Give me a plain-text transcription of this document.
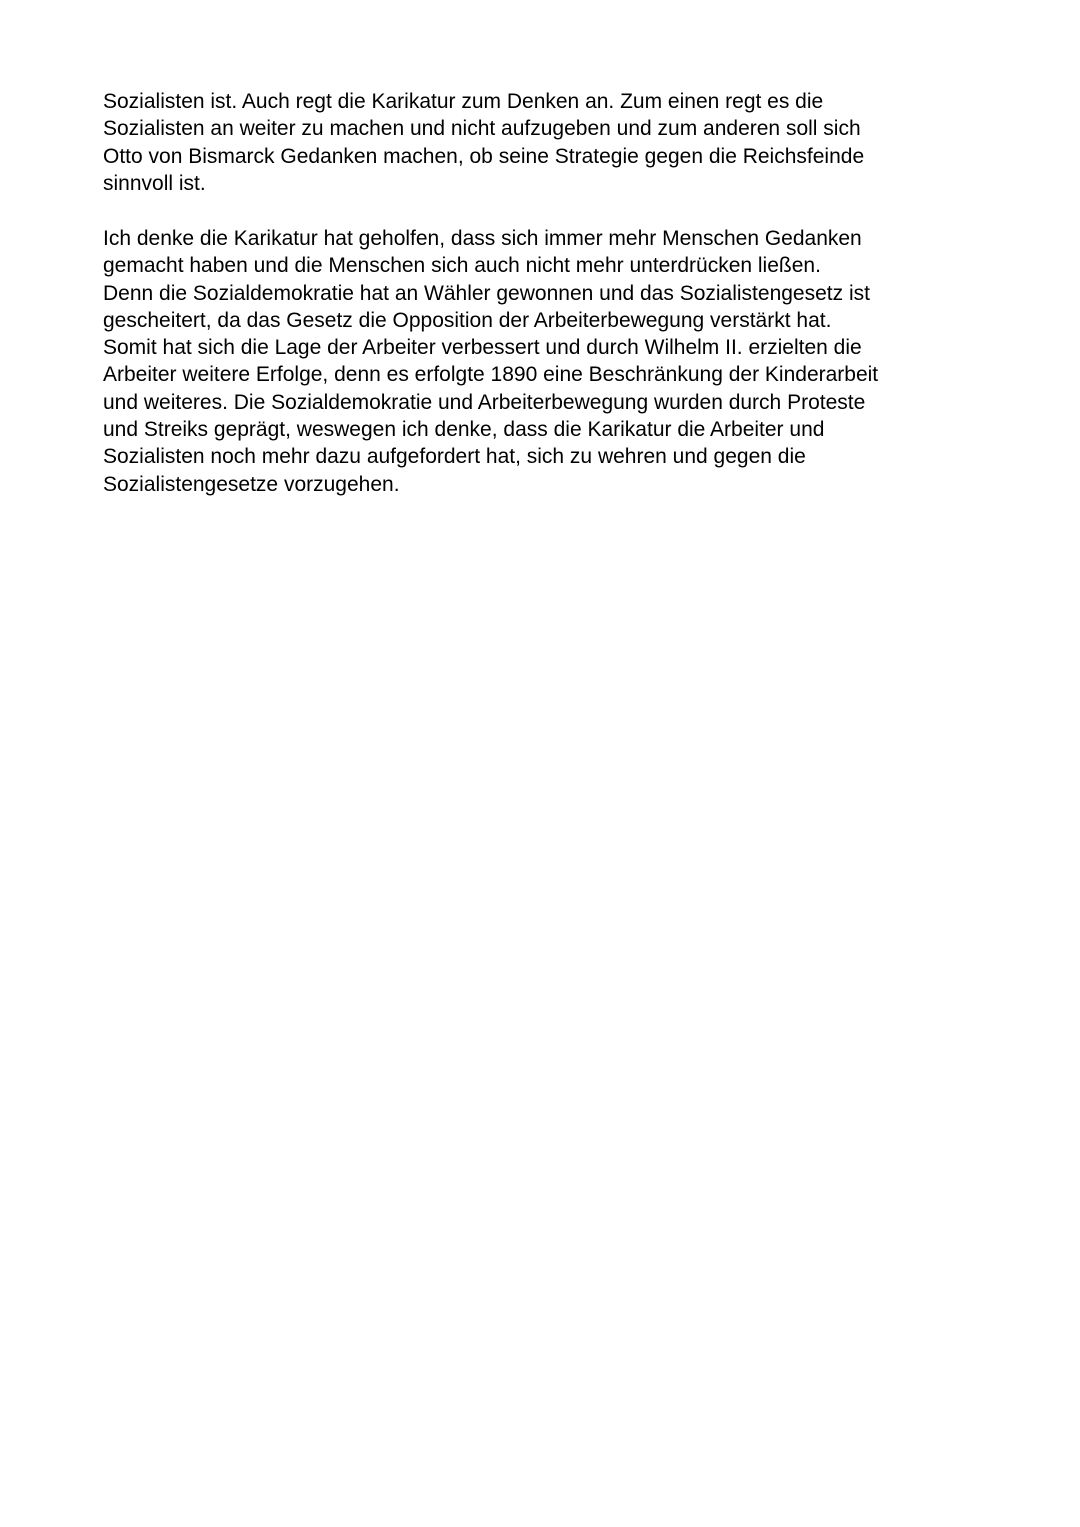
Sozialisten ist. Auch regt die Karikatur zum Denken an. Zum einen regt es die
Sozialisten an weiter zu machen und nicht aufzugeben und zum anderen soll sich
Otto von Bismarck Gedanken machen, ob seine Strategie gegen die Reichsfeinde
sinnvoll ist.
Ich denke die Karikatur hat geholfen, dass sich immer mehr Menschen Gedanken
gemacht haben und die Menschen sich auch nicht mehr unterdrücken ließen.
Denn die Sozialdemokratie hat an Wähler gewonnen und das Sozialistengesetz ist
gescheitert, da das Gesetz die Opposition der Arbeiterbewegung verstärkt hat.
Somit hat sich die Lage der Arbeiter verbessert und durch Wilhelm II. erzielten die
Arbeiter weitere Erfolge, denn es erfolgte 1890 eine Beschränkung der Kinderarbeit
und weiteres. Die Sozialdemokratie und Arbeiterbewegung wurden durch Proteste
und Streiks geprägt, weswegen ich denke, dass die Karikatur die Arbeiter und
Sozialisten noch mehr dazu aufgefordert hat, sich zu wehren und gegen die
Sozialistengesetze vorzugehen.
